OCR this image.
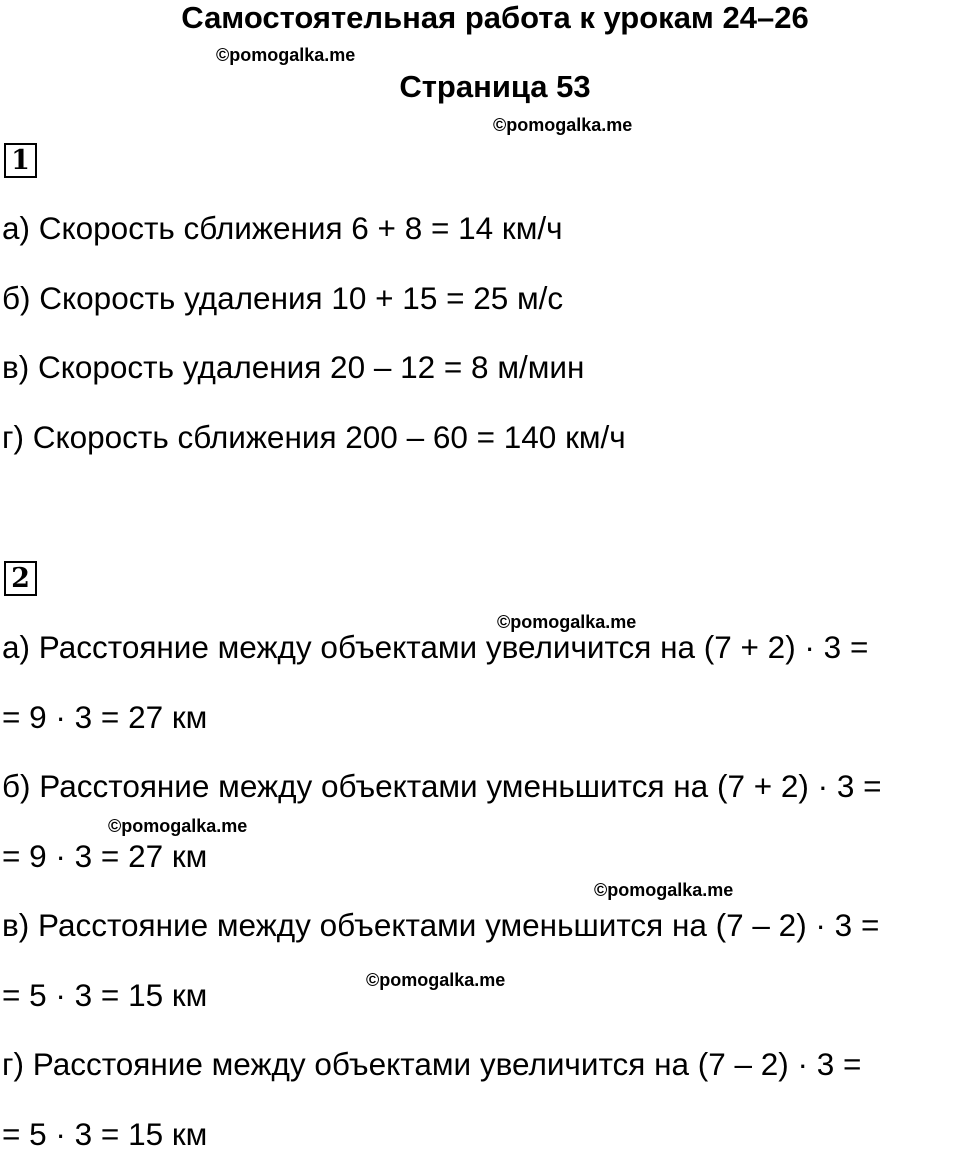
Самостоятельная работа к урокам 24–26
©pomogalka.me
Страница 53
©pomogalka.me
1
а) Скорость сближения 6 + 8 = 14 км/ч
б) Скорость удаления 10 + 15 = 25 м/с
в) Скорость удаления 20 – 12 = 8 м/мин
г) Скорость сближения 200 – 60 = 140 км/ч
2
©pomogalka.me
а) Расстояние между объектами увеличится на (7 + 2) · 3 =
= 9 · 3 = 27 км
б) Расстояние между объектами уменьшится на (7 + 2) · 3 =
©pomogalka.me
= 9 · 3 = 27 км
©pomogalka.me
в) Расстояние между объектами уменьшится на (7 – 2) · 3 =
©pomogalka.me
= 5 · 3 = 15 км
г) Расстояние между объектами увеличится на (7 – 2) · 3 =
= 5 · 3 = 15 км
